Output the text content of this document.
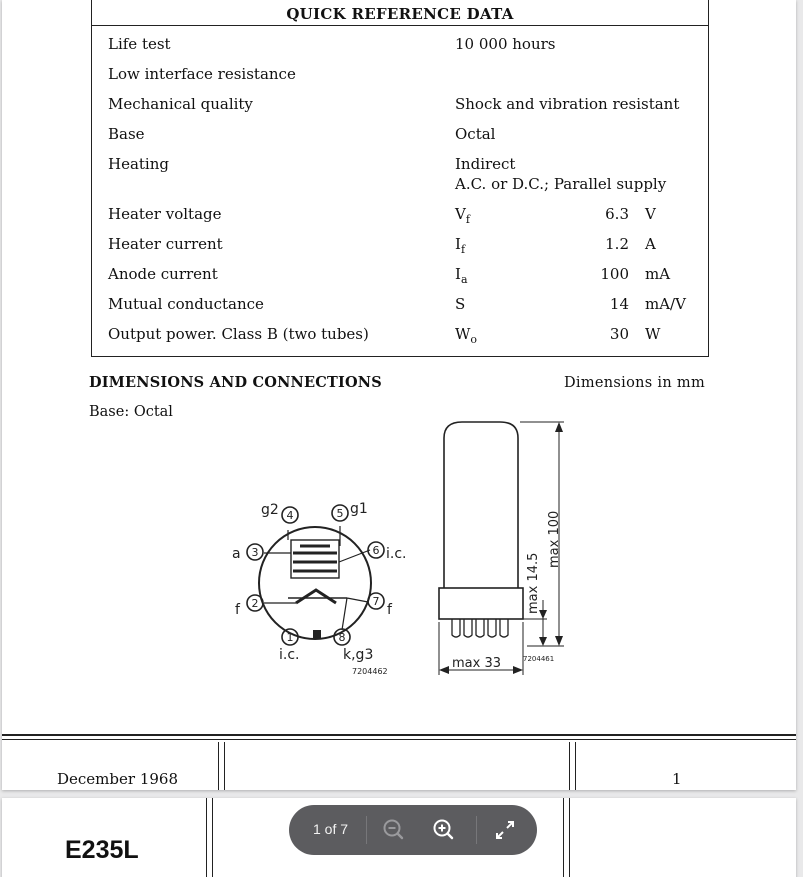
QUICK REFERENCE DATA
Life test	10 000 hours
Low interface resistance
Mechanical quality	Shock and vibration resistant
Base	Octal
Heating	Indirect
A.C. or D.C.; Parallel supply
Heater voltage	$V_f$	6.3 V
Heater current	$I_f$	1.2 A
Anode current	$I_a$	100 mA
Mutual conductance	S	14 mA/V
Output power. Class B (two tubes)	$W_o$	30 W
DIMENSIONS AND CONNECTIONS	Dimensions in mm
Base: Octal
4	5
6
7
8
1
2
3
g2	g1
a	i.c.
f	f
i.c.	k,g3
7204462
max 100
max 14.5
max 33	7204461
December 1968	1
E235L
1 of 7
